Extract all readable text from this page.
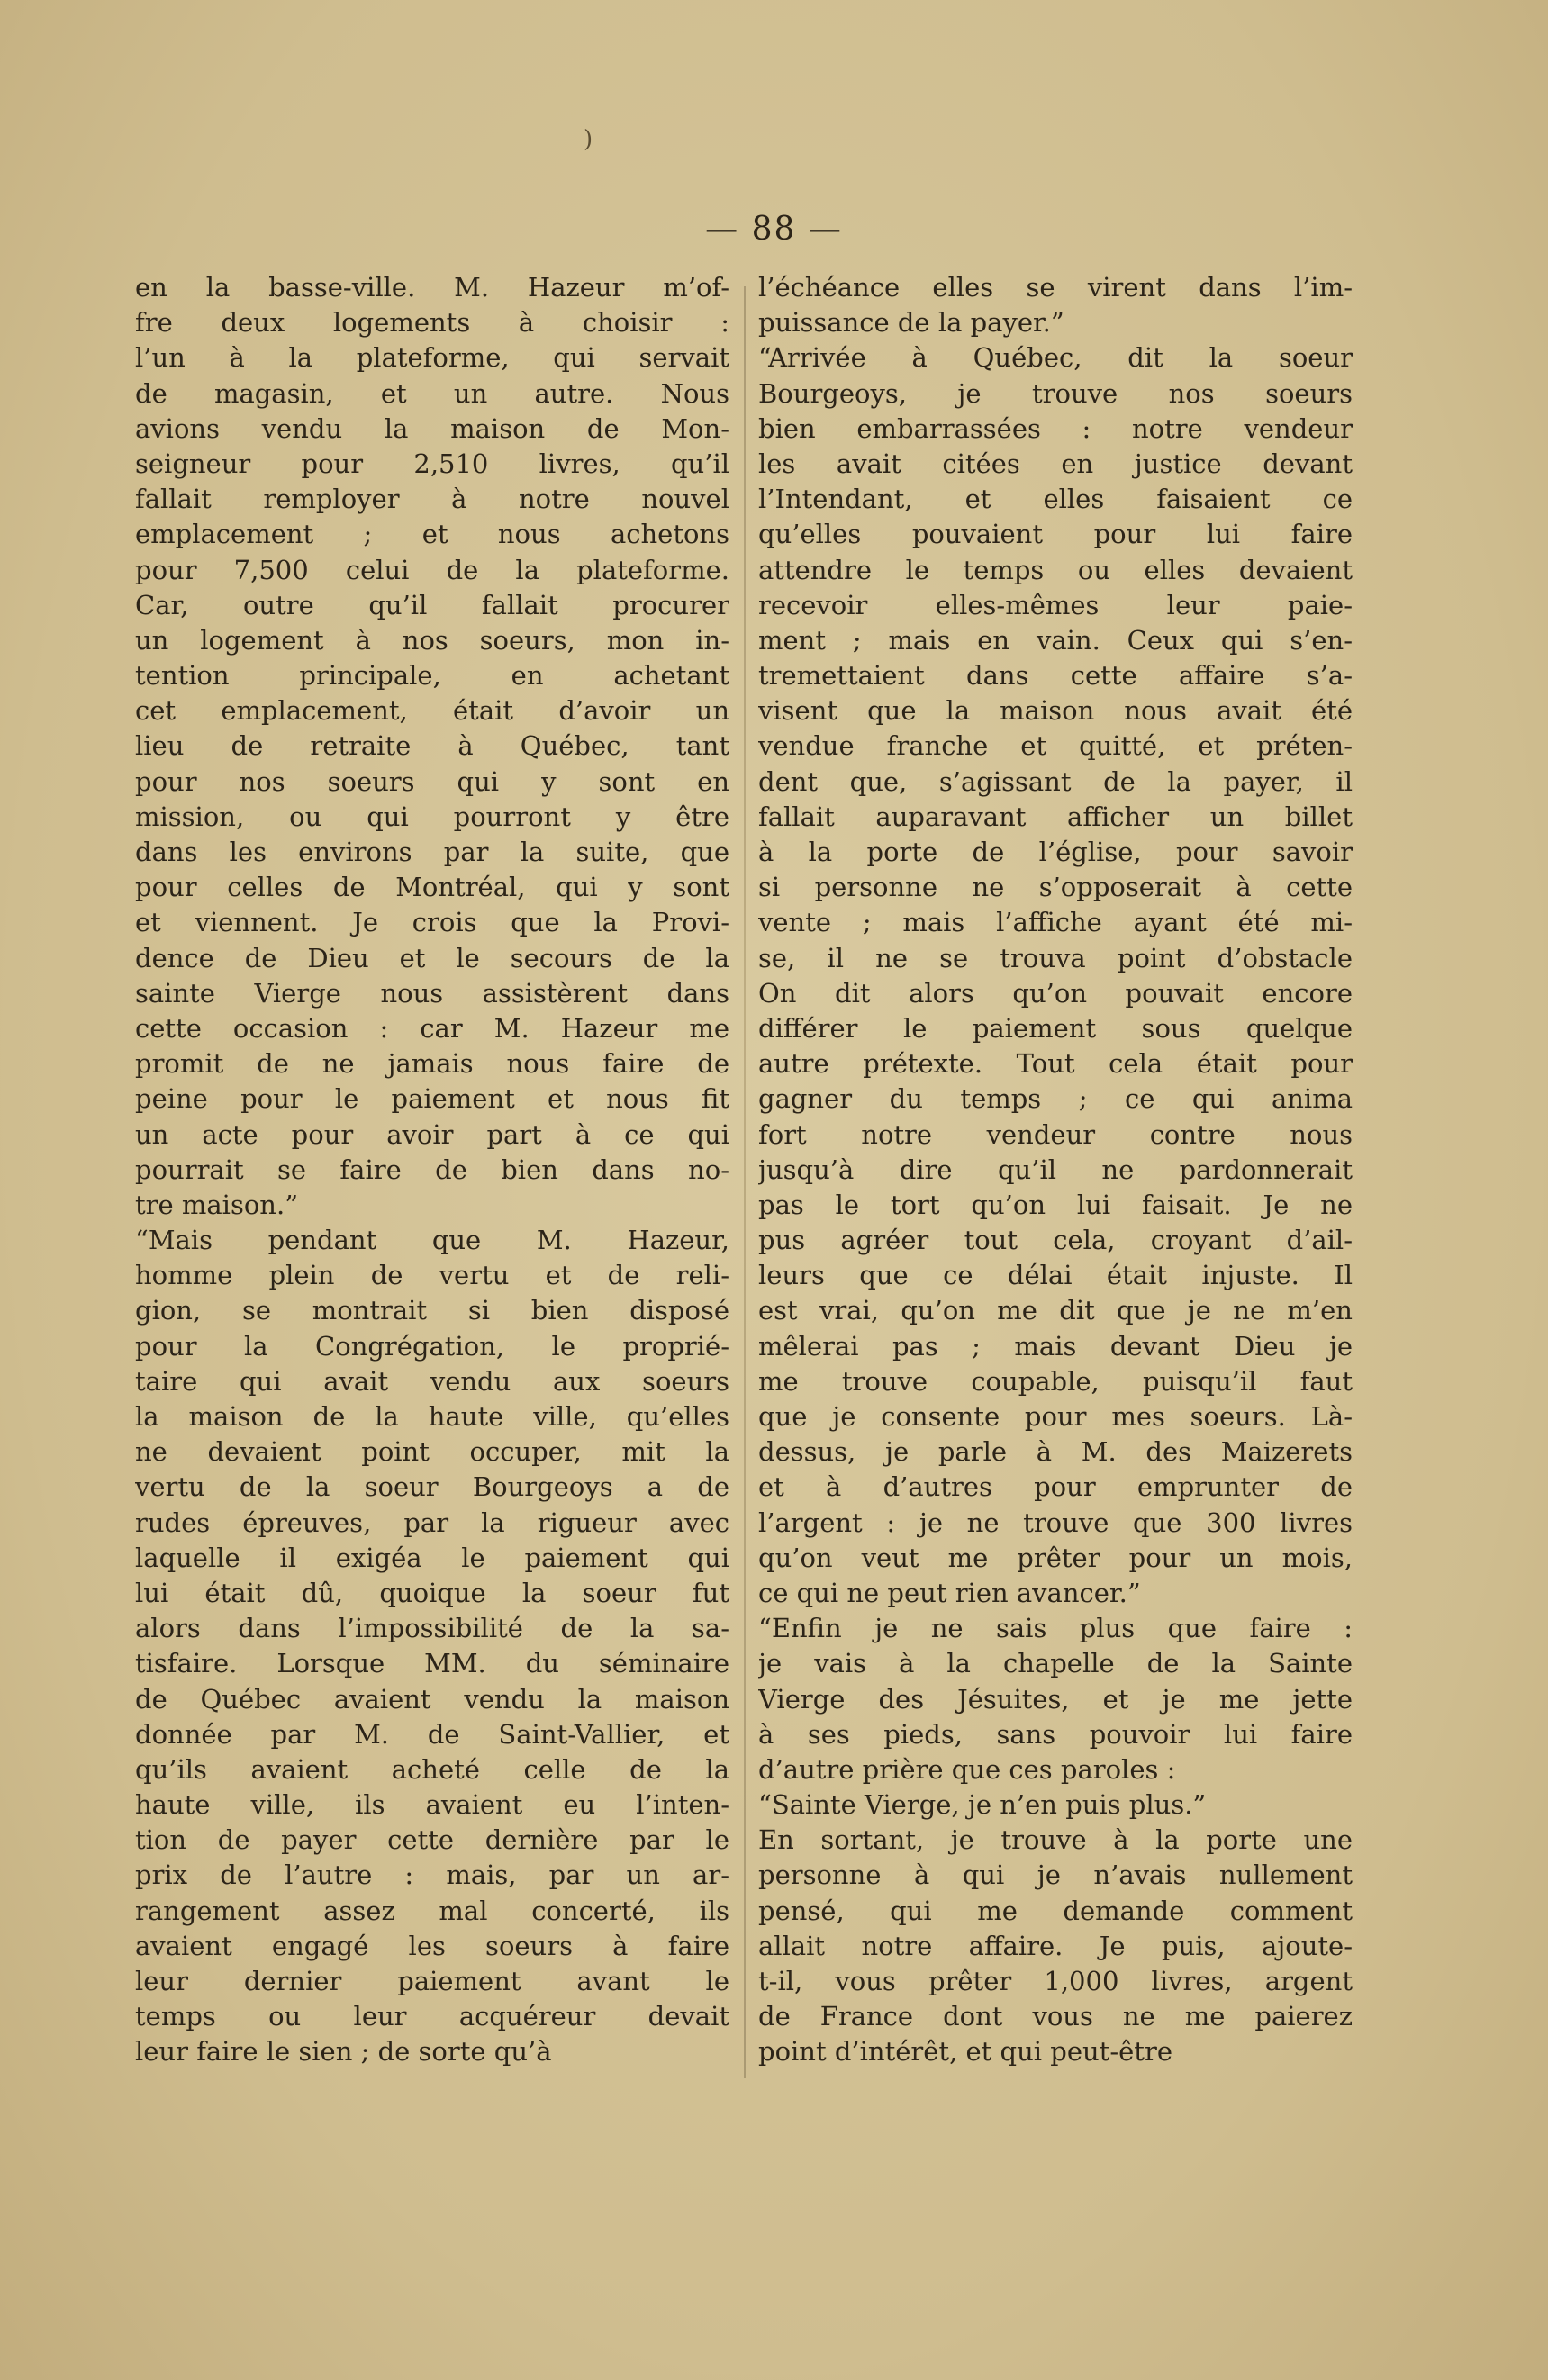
)
— 88 —
en la basse-ville. M. Hazeur m’of-
fre deux logements à choisir :
l’un à la plateforme, qui servait
de magasin, et un autre. Nous
avions vendu la maison de Mon-
seigneur pour 2,510 livres, qu’il
fallait remployer à notre nouvel
emplacement ; et nous achetons
pour 7,500 celui de la plateforme.
Car, outre qu’il fallait procurer
un logement à nos soeurs, mon in-
tention principale, en achetant
cet emplacement, était d’avoir un
lieu de retraite à Québec, tant
pour nos soeurs qui y sont en
mission, ou qui pourront y être
dans les environs par la suite, que
pour celles de Montréal, qui y sont
et viennent. Je crois que la Provi-
dence de Dieu et le secours de la
sainte Vierge nous assistèrent dans
cette occasion : car M. Hazeur me
promit de ne jamais nous faire de
peine pour le paiement et nous fit
un acte pour avoir part à ce qui
pourrait se faire de bien dans no-
tre maison.”
“Mais pendant que M. Hazeur,
homme plein de vertu et de reli-
gion, se montrait si bien disposé
pour la Congrégation, le proprié-
taire qui avait vendu aux soeurs
la maison de la haute ville, qu’elles
ne devaient point occuper, mit la
vertu de la soeur Bourgeoys a de
rudes épreuves, par la rigueur avec
laquelle il exigéa le paiement qui
lui était dû, quoique la soeur fut
alors dans l’impossibilité de la sa-
tisfaire. Lorsque MM. du séminaire
de Québec avaient vendu la maison
donnée par M. de Saint-Vallier, et
qu’ils avaient acheté celle de la
haute ville, ils avaient eu l’inten-
tion de payer cette dernière par le
prix de l’autre : mais, par un ar-
rangement assez mal concerté, ils
avaient engagé les soeurs à faire
leur dernier paiement avant le
temps ou leur acquéreur devait
leur faire le sien ; de sorte qu’à
l’échéance elles se virent dans l’im-
puissance de la payer.”
“Arrivée à Québec, dit la soeur
Bourgeoys, je trouve nos soeurs
bien embarrassées : notre vendeur
les avait citées en justice devant
l’Intendant, et elles faisaient ce
qu’elles pouvaient pour lui faire
attendre le temps ou elles devaient
recevoir elles-mêmes leur paie-
ment ; mais en vain. Ceux qui s’en-
tremettaient dans cette affaire s’a-
visent que la maison nous avait été
vendue franche et quitté, et préten-
dent que, s’agissant de la payer, il
fallait auparavant afficher un billet
à la porte de l’église, pour savoir
si personne ne s’opposerait à cette
vente ; mais l’affiche ayant été mi-
se, il ne se trouva point d’obstacle
On dit alors qu’on pouvait encore
différer le paiement sous quelque
autre prétexte. Tout cela était pour
gagner du temps ; ce qui anima
fort notre vendeur contre nous
jusqu’à dire qu’il ne pardonnerait
pas le tort qu’on lui faisait. Je ne
pus agréer tout cela, croyant d’ail-
leurs que ce délai était injuste. Il
est vrai, qu’on me dit que je ne m’en
mêlerai pas ; mais devant Dieu je
me trouve coupable, puisqu’il faut
que je consente pour mes soeurs. Là-
dessus, je parle à M. des Maizerets
et à d’autres pour emprunter de
l’argent : je ne trouve que 300 livres
qu’on veut me prêter pour un mois,
ce qui ne peut rien avancer.”
“Enfin je ne sais plus que faire :
je vais à la chapelle de la Sainte
Vierge des Jésuites, et je me jette
à ses pieds, sans pouvoir lui faire
d’autre prière que ces paroles :
“Sainte Vierge, je n’en puis plus.”
En sortant, je trouve à la porte une
personne à qui je n’avais nullement
pensé, qui me demande comment
allait notre affaire. Je puis, ajoute-
t-il, vous prêter 1,000 livres, argent
de France dont vous ne me paierez
point d’intérêt, et qui peut-être
